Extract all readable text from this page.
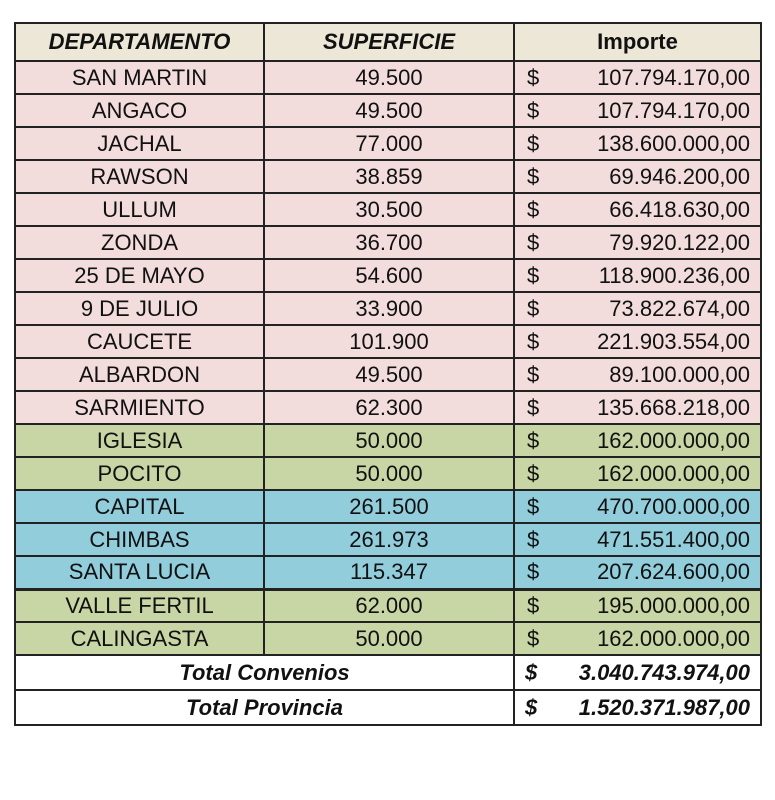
DEPARTAMENTO	SUPERFICIE	Importe
SAN MARTIN	49.500	$ 107.794.170,00

ANGACO	49.500	$ 107.794.170,00

JACHAL	77.000	$ 138.600.000,00

RAWSON	38.859	$ 69.946.200,00

ULLUM	30.500	$ 66.418.630,00

ZONDA	36.700	$ 79.920.122,00

25 DE MAYO	54.600	$ 118.900.236,00

9 DE JULIO	33.900	$ 73.822.674,00

CAUCETE	101.900	$ 221.903.554,00

ALBARDON	49.500	$ 89.100.000,00

SARMIENTO	62.300	$ 135.668.218,00

IGLESIA	50.000	$ 162.000.000,00

POCITO	50.000	$ 162.000.000,00

CAPITAL	261.500	$ 470.700.000,00

CHIMBAS	261.973	$ 471.551.400,00

SANTA LUCIA	115.347	$ 207.624.600,00

VALLE FERTIL	62.000	$ 195.000.000,00

CALINGASTA	50.000	$ 162.000.000,00

Total Convenios		$ 3.040.743.974,00

Total Provincia		$ 1.520.371.987,00
